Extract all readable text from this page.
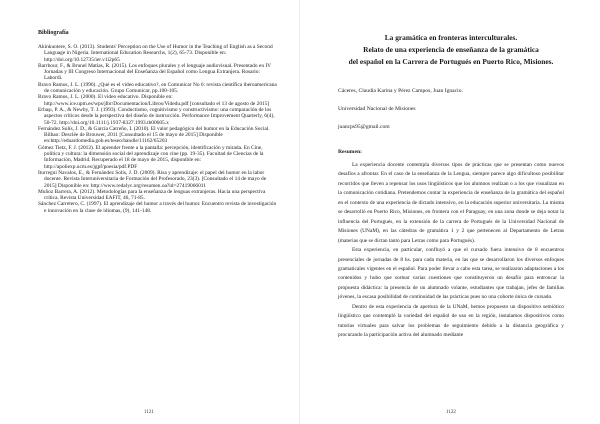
Bibliografía

Akinkuotere, S. O. (2013). Students' Perception on the Use of Humor in the Teaching of English as a Second Language in Nigeria. International Education Researchs, 1(2), 65-73. Disponible en: http://doi.org/10.12735/ier.v1i2p65

Barrbour, F., & Brunel Matías, R. (2015). Los enfoques plurales y el lenguaje audiovisual. Presentado en IV Jornadas y III Congreso Internacional del Enseñanza del Español como Lengua Extranjera. Rosario: Labordi.

Bravo Ramos, J. L. (1996). ¿Qué es el video educativo?, en Comunicar No 6: revista científica iberoamericana de comunicación y educación. Grupo Comunicar, pp.100-105.

Bravo Ramos, J. L. (2000). El video educativo. Disponible en: http://www.ice.upm.es/wps/jlbr/Documentacion/Libros/Videdu.pdf [consultado el 13 de agosto de 2015]

Erbaşı, P. A., & Newby, T. J. (1993). Conductismo, cognitivismo y constructivismo: una comparación de los aspectos críticos desde la perspectiva del diseño de instrucción. Performance Improvement Quarterly, 6(4), 50-72. http://doi.org/10.1111/j.1937-8327.1993.tb00605.x

Fernández Solís, J. D., & García Carreño, I. (2010). El valor pedagógico del humor en la Educación Social. Bilbao: Desclée de Brouwer, 2011 [Consultado el 15 de mayo de 2015] Disponible en:http://eduardomedia.gob.es/teseo/handle/11162/65203

Gómez Tietz, F. J. (2012). El aprender frente a la pantalla: percepción, identificación y mirada. En Cine, política y cultura: la dimensión social del aprendizaje con cine (pp. 19-35). Facultad de Ciencias de la Información, Madrid. Recuperado el 18 de mayo de 2015, disponible en: http://apoliexp.ucm.es/jgpf/poesia/pdf.PDF

Iturregui Navalos, E., & Fernández Solís, J. D. (2009). Risa y aprendizaje: el papel del humor en la labor docente. Revista Interuniversitaria de Formación del Profesorado, 23(3). [Consultado el 14 de mayo de 2015] Disponible en: http://www.redalyc.org/resumen.oa?id=27419066011

Muñoz Barrera, A. (2012). Metodologías para la enseñanza de lenguas extranjeras. Hacia una perspectiva crítica. Revista Universidad EAFIT, 46, 71-85.

Sánchez Carretero, C. (1997). El aprendizaje del humor a través del humor. Encuentro revista de investigación e innovación en la clase de idiomas, (9), 141-148.

1121
La gramática en fronteras interculturales.
Relato de una experiencia de enseñanza de la gramática
del español en la Carrera de Portugués en Puerto Rico, Misiones.

Cáceres, Claudia Karina y Pérez Campos, Juan Ignacio.

Universidad Nacional de Misiones

juancps95@gmail.com

Resumen:

La experiencia docente contempla diversos tipos de prácticas que se presentan como nuevos desafíos a afrontar. En el caso de la enseñanza de la Lengua, siempre parece algo dificultoso posibilitar recorridos que lleven a repensar los usos lingüísticos que los alumnos realizan o a los que visualizan en la comunicación cotidiana. Pretendemos contar la experiencia de enseñanza de la gramática del español en el contexto de una experiencia de dictado intensivo, en la educación superior universitaria. La misma se desarrolló en Puerto Rico, Misiones, en frontera con el Paraguay, en una zona donde se deja notar la influencia del Portugués, en la extensión de la carrera de Portugués de la Universidad Nacional de Misiones (UNaM), en las cátedras de gramática 1 y 2 que pertenecen al Departamento de Letras (materias que se dictan tanto para Letras como para Portugués).

Esta experiencia, en particular, confluyó a que el cursado fuera intensivo de 8 encuentros presenciales de jornadas de 8 hs. para cada materia, en las que se desarrollaron los diversos enfoques gramaticales vigentes en el español. Para poder llevar a cabo esta tarea, se realizaron adaptaciones a los contenidos y hubo que sortear varias cuestiones que constituyeron un desafío para entroncar la propuesta didáctica: la presencia de un alumnado volante, estudiantes que trabajan, jefes de familias jóvenes, la escasa posibilidad de continuidad de las prácticas pues no una cohorte única de cursado.

Dentro de esta experiencia de apertura de la UNaM, hemos propuesto un dispositivo semiótico lingüístico que contempló la variedad del español de uso en la región, instalamos dispositivos como tutorías virtuales para salvar los problemas de seguimiento debido a la distancia geográfica y procurando la participación activa del alumnado mediante

1122
